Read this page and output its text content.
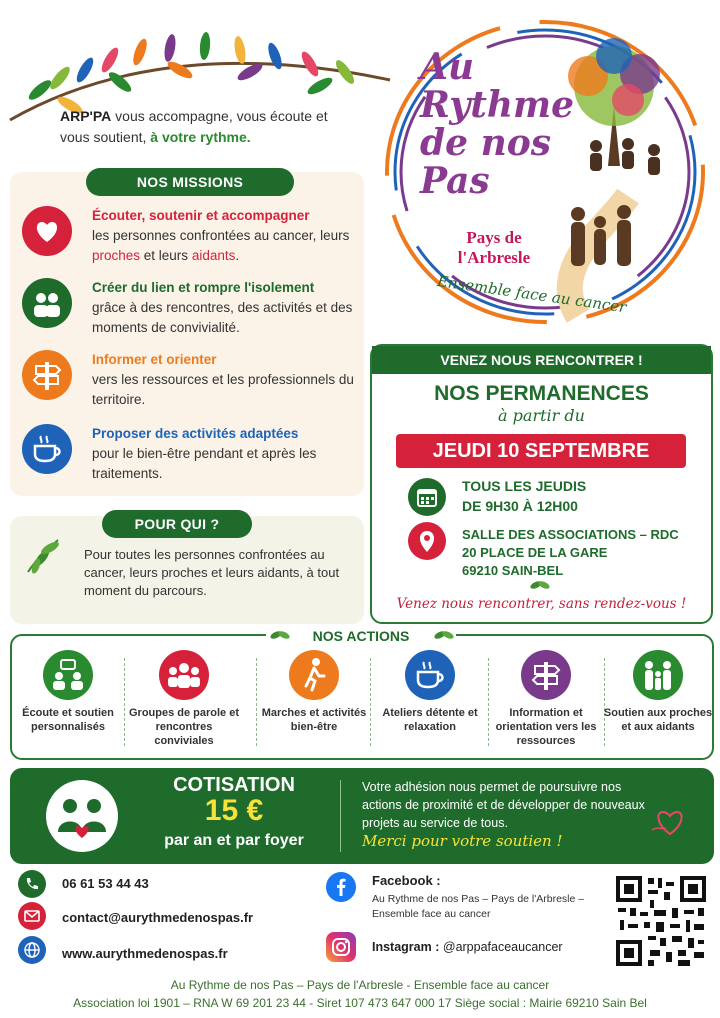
ARP'PA vous accompagne, vous écoute et vous soutient, à votre rythme.
Au
Rythme
de nos
Pas
Pays de
l'Arbresle
Ensemble face au cancer
NOS MISSIONS
Écouter, soutenir et accompagner
les personnes confrontées au cancer, leurs proches et leurs aidants.
Créer du lien et rompre l'isolement
grâce à des rencontres, des activités et des moments de convivialité.
Informer et orienter
vers les ressources et les professionnels du territoire.
Proposer des activités adaptées
pour le bien-être pendant et après les traitements.
POUR QUI ?
Pour toutes les personnes confrontées au cancer, leurs proches et leurs aidants, à tout moment du parcours.
VENEZ NOUS RENCONTRER !
NOS PERMANENCES
à partir du
JEUDI 10 SEPTEMBRE
TOUS LES JEUDIS
DE 9H30 À 12H00
SALLE DES ASSOCIATIONS – RDC
20 PLACE DE LA GARE
69210 SAIN-BEL
Venez nous rencontrer, sans rendez-vous !
NOS ACTIONS
Écoute et soutien personnalisés
Groupes de parole et rencontres conviviales
Marches et activités bien-être
Ateliers détente et relaxation
Information et orientation vers les ressources
Soutien aux proches et aux aidants
COTISATION
15 €
par an et par foyer
Votre adhésion nous permet de poursuivre nos actions de proximité et de développer de nouveaux projets au service de tous.
Merci pour votre soutien !
06 61 53 44 43
contact@aurythmedenospas.fr
www.aurythmedenospas.fr
Facebook :
Au Rythme de nos Pas – Pays de l'Arbresle – Ensemble face au cancer
Instagram : @arppafaceaucancer
Au Rythme de nos Pas – Pays de l'Arbresle - Ensemble face au cancer
Association loi 1901 – RNA W 69 201 23 44 - Siret 107 473 647 000 17 Siège social : Mairie 69210 Sain Bel
